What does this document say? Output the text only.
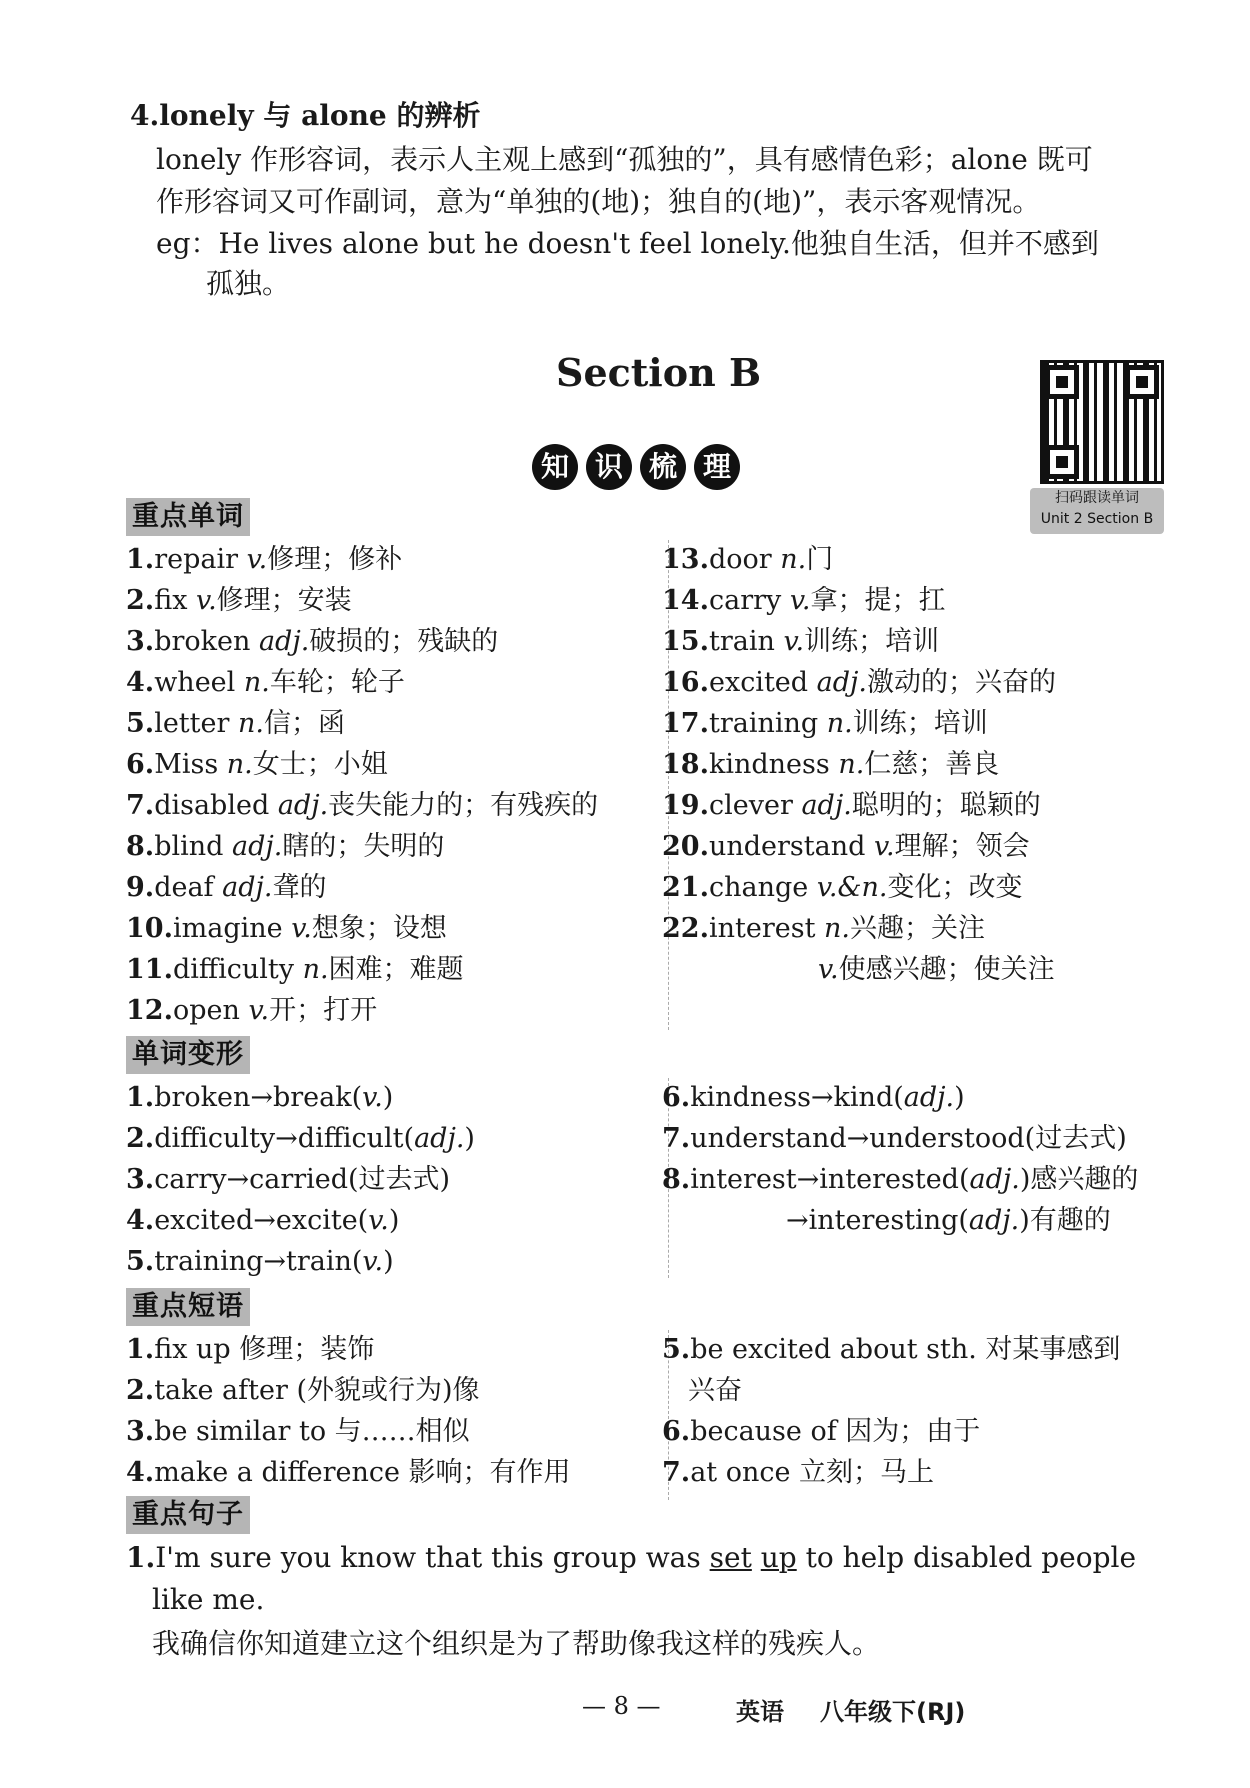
4.lonely 与 alone 的辨析
lonely 作形容词，表示人主观上感到“孤独的”，具有感情色彩；alone 既可
作形容词又可作副词，意为“单独的(地)；独自的(地)”，表示客观情况。
eg：He lives alone but he doesn't feel lonely.他独自生活，但并不感到
孤独。
Section B
知 识 梳 理
扫码跟读单词
Unit 2 Section B
重点单词
1.repair v.修理；修补
2.fix v.修理；安装
3.broken adj.破损的；残缺的
4.wheel n.车轮；轮子
5.letter n.信；函
6.Miss n.女士；小姐
7.disabled adj.丧失能力的；有残疾的
8.blind adj.瞎的；失明的
9.deaf adj.聋的
10.imagine v.想象；设想
11.difficulty n.困难；难题
12.open v.开；打开
13.door n.门
14.carry v.拿；提；扛
15.train v.训练；培训
16.excited adj.激动的；兴奋的
17.training n.训练；培训
18.kindness n.仁慈；善良
19.clever adj.聪明的；聪颖的
20.understand v.理解；领会
21.change v.&n.变化；改变
22.interest n.兴趣；关注
v.使感兴趣；使关注
单词变形
1.broken→break(v.)
2.difficulty→difficult(adj.)
3.carry→carried(过去式)
4.excited→excite(v.)
5.training→train(v.)
6.kindness→kind(adj.)
7.understand→understood(过去式)
8.interest→interested(adj.)感兴趣的
→interesting(adj.)有趣的
重点短语
1.fix up 修理；装饰
2.take after (外貌或行为)像
3.be similar to 与……相似
4.make a difference 影响；有作用
5.be excited about sth. 对某事感到
兴奋
6.because of 因为；由于
7.at once 立刻；马上
重点句子
1.I'm sure you know that this group was set up to help disabled people
like me.
我确信你知道建立这个组织是为了帮助像我这样的残疾人。
— 8 —	英语 八年级下(RJ)
